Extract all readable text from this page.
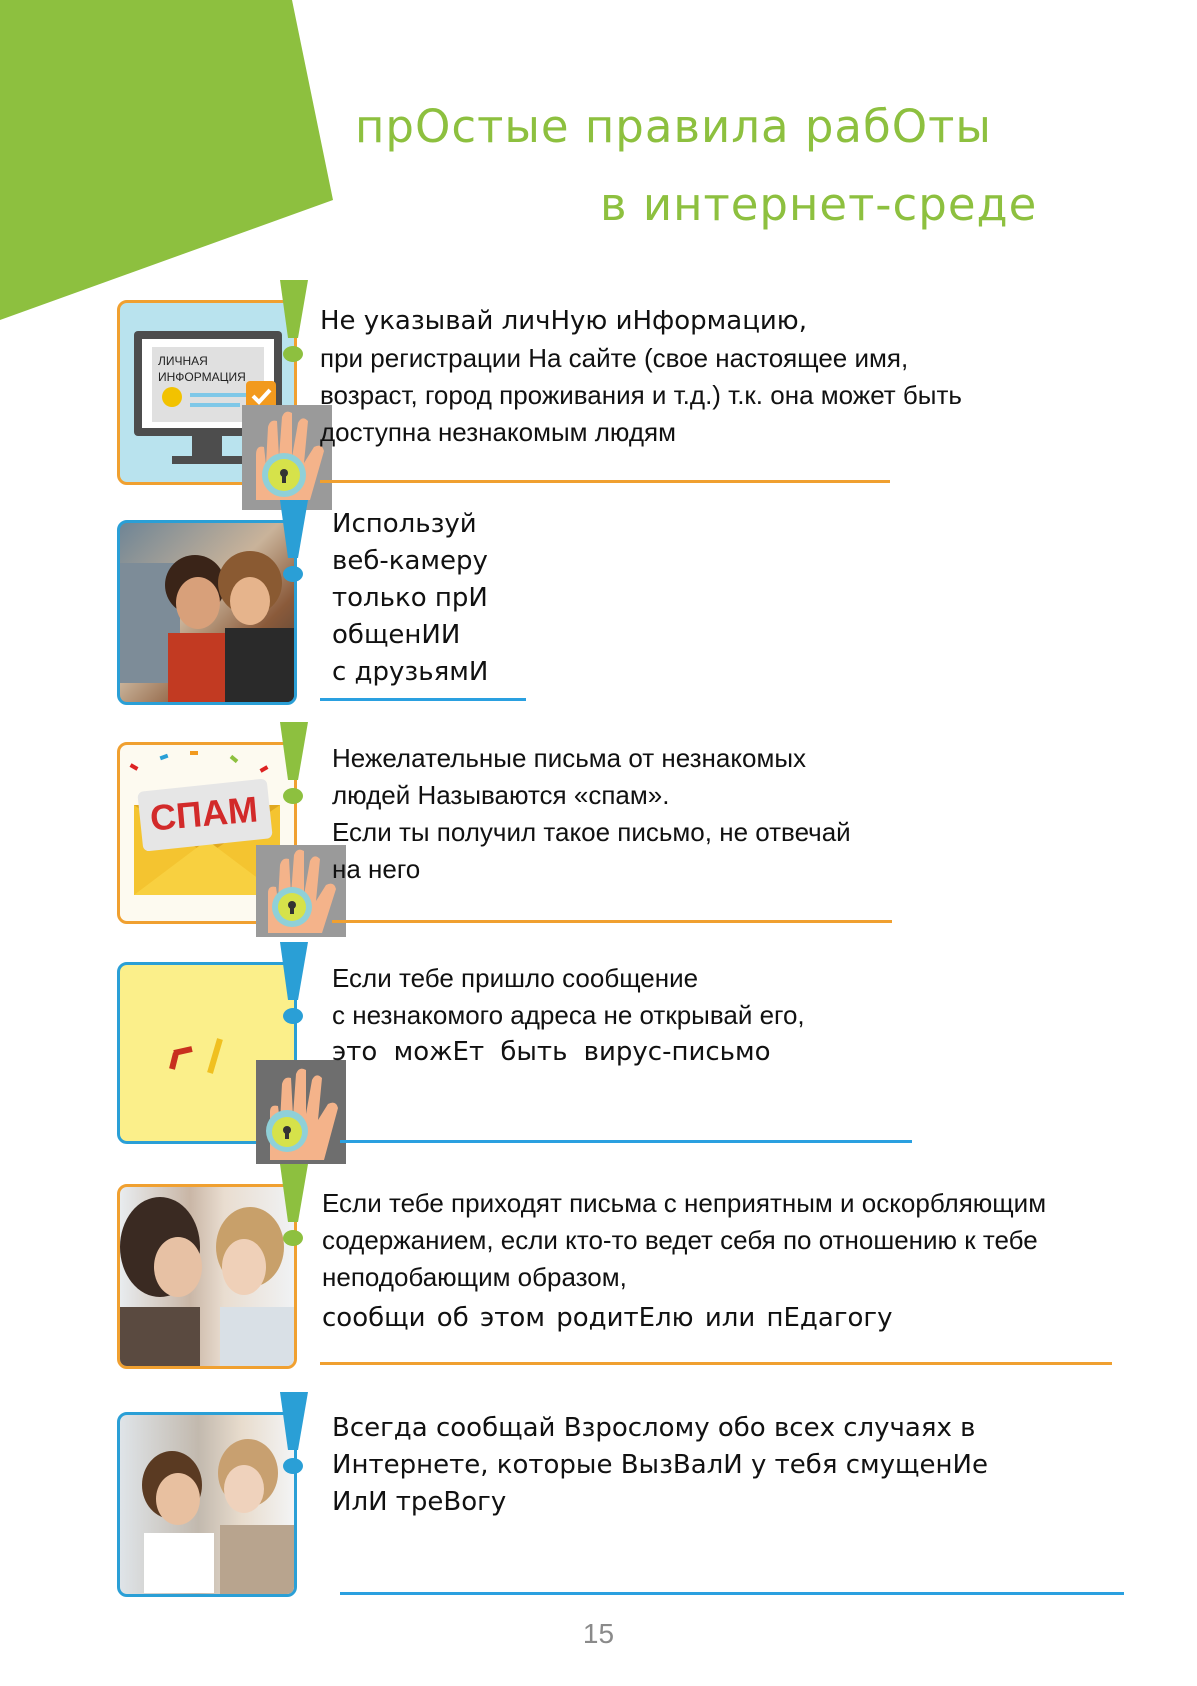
прОстые правила рабОты
в интернет-среде
ЛИЧНАЯ
ИНФОРМАЦИЯ
Не указывай личНую иНформацию,
при регистрации На сайте (свое настоящее имя,
возраст, город проживания и т.д.) т.к. она может быть
доступна незнакомым людям
Используй
веб-камеру
только прИ
общенИИ
с друзьямИ
СПАМ
Нежелательные письма от незнакомых
людей Называются «спам».
Если ты получил такое письмо, не отвечай
на него
Если тебе пришло сообщение
с незнакомого адреса не открывай его,
это можЕт быть вирус-письмо
Если тебе приходят письма с неприятным и оскорбляющим
содержанием, если кто-то ведет себя по отношению к тебе
неподобающим образом,
сообщи об этом родитЕлю или пЕдагогу
Всегда сообщай Взрослому обо всех случаях в
Интернете, которые ВызВалИ у тебя смущенИе
ИлИ треВогу
15
